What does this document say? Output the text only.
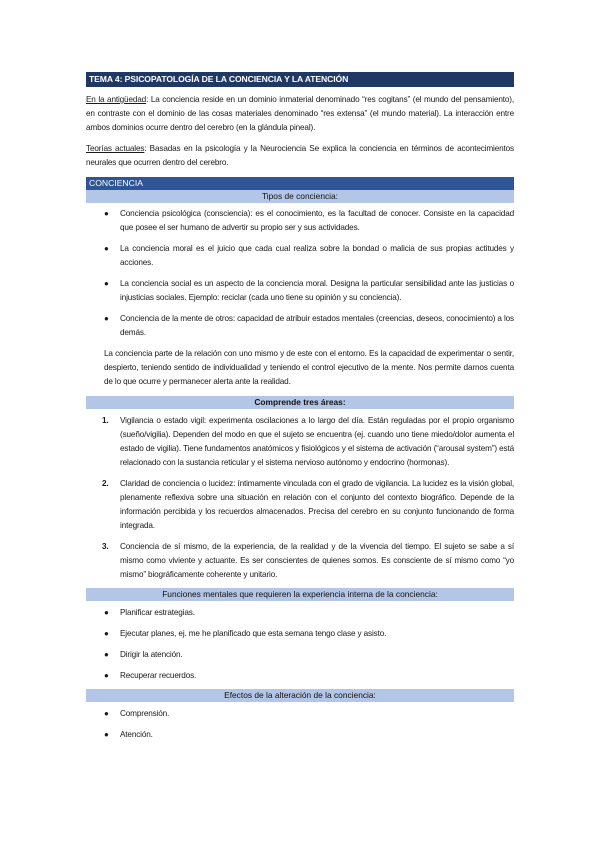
TEMA 4: PSICOPATOLOGÍA DE LA CONCIENCIA Y LA ATENCIÓN

En la antigüedad: La conciencia reside en un dominio inmaterial denominado “res cogitans” (el mundo del pensamiento), en contraste con el dominio de las cosas materiales denominado “res extensa” (el mundo material). La interacción entre ambos dominios ocurre dentro del cerebro (en la glándula pineal).

Teorías actuales: Basadas en la psicología y la Neurociencia Se explica la conciencia en términos de acontecimientos neurales que ocurren dentro del cerebro.

CONCIENCIA
Tipos de conciencia:
● Conciencia psicológica (consciencia): es el conocimiento, es la facultad de conocer. Consiste en la capacidad que posee el ser humano de advertir su propio ser y sus actividades.
● La conciencia moral es el juicio que cada cual realiza sobre la bondad o malicia de sus propias actitudes y acciones.
● La conciencia social es un aspecto de la conciencia moral. Designa la particular sensibilidad ante las justicias o injusticias sociales. Ejemplo: reciclar (cada uno tiene su opinión y su conciencia).
● Conciencia de la mente de otros: capacidad de atribuir estados mentales (creencias, deseos, conocimiento) a los demás.

La conciencia parte de la relación con uno mismo y de este con el entorno. Es la capacidad de experimentar o sentir, despierto, teniendo sentido de individualidad y teniendo el control ejecutivo de la mente. Nos permite darnos cuenta de lo que ocurre y permanecer alerta ante la realidad.

Comprende tres áreas:
1. Vigilancia o estado vigil: experimenta oscilaciones a lo largo del día. Están reguladas por el propio organismo (sueño/vigilia). Dependen del modo en que el sujeto se encuentra (ej. cuando uno tiene miedo/dolor aumenta el estado de vigilia). Tiene fundamentos anatómicos y fisiológicos y el sistema de activación (“arousal system”) está relacionado con la sustancia reticular y el sistema nervioso autónomo y endocrino (hormonas).
2. Claridad de conciencia o lucidez: íntimamente vinculada con el grado de vigilancia. La lucidez es la visión global, plenamente reflexiva sobre una situación en relación con el conjunto del contexto biográfico. Depende de la información percibida y los recuerdos almacenados. Precisa del cerebro en su conjunto funcionando de forma integrada.
3. Conciencia de sí mismo, de la experiencia, de la realidad y de la vivencia del tiempo. El sujeto se sabe a sí mismo como viviente y actuante. Es ser conscientes de quienes somos. Es consciente de sí mismo como “yo mismo” biográficamente coherente y unitario.
Funciones mentales que requieren la experiencia interna de la conciencia:
● Planificar estrategias.
● Ejecutar planes, ej. me he planificado que esta semana tengo clase y asisto.
● Dirigir la atención.
● Recuperar recuerdos.
Efectos de la alteración de la conciencia:
● Comprensión.
● Atención.
